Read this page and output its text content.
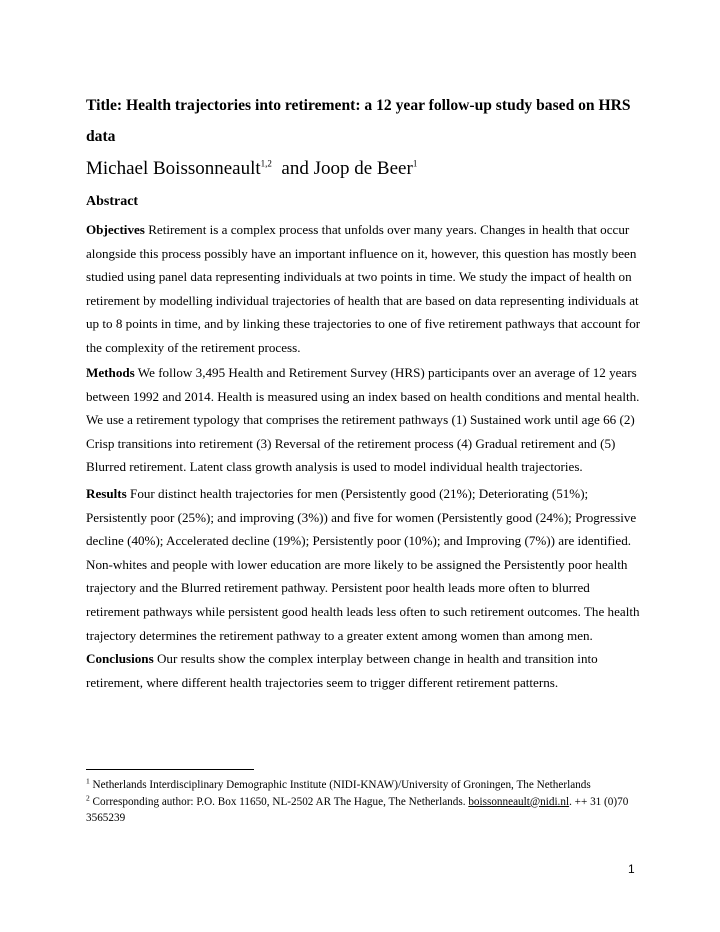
Title: Health trajectories into retirement: a 12 year follow-up study based on HRS data
Michael Boissonneault$^{1,2}$ and Joop de Beer$^1$
Abstract
Objectives Retirement is a complex process that unfolds over many years. Changes in health that occur alongside this process possibly have an important influence on it, however, this question has mostly been studied using panel data representing individuals at two points in time. We study the impact of health on retirement by modelling individual trajectories of health that are based on data representing individuals at up to 8 points in time, and by linking these trajectories to one of five retirement pathways that account for the complexity of the retirement process.
Methods We follow 3,495 Health and Retirement Survey (HRS) participants over an average of 12 years between 1992 and 2014. Health is measured using an index based on health conditions and mental health. We use a retirement typology that comprises the retirement pathways (1) Sustained work until age 66 (2) Crisp transitions into retirement (3) Reversal of the retirement process (4) Gradual retirement and (5) Blurred retirement. Latent class growth analysis is used to model individual health trajectories.
Results Four distinct health trajectories for men (Persistently good (21%); Deteriorating (51%); Persistently poor (25%); and improving (3%)) and five for women (Persistently good (24%); Progressive decline (40%); Accelerated decline (19%); Persistently poor (10%); and Improving (7%)) are identified. Non-whites and people with lower education are more likely to be assigned the Persistently poor health trajectory and the Blurred retirement pathway. Persistent poor health leads more often to blurred retirement pathways while persistent good health leads less often to such retirement outcomes. The health trajectory determines the retirement pathway to a greater extent among women than among men.
Conclusions Our results show the complex interplay between change in health and transition into retirement, where different health trajectories seem to trigger different retirement patterns.
$^1$ Netherlands Interdisciplinary Demographic Institute (NIDI-KNAW)/University of Groningen, The Netherlands
$^2$ Corresponding author: P.O. Box 11650, NL-2502 AR The Hague, The Netherlands. boissonneault@nidi.nl. ++ 31 (0)70 3565239
1
